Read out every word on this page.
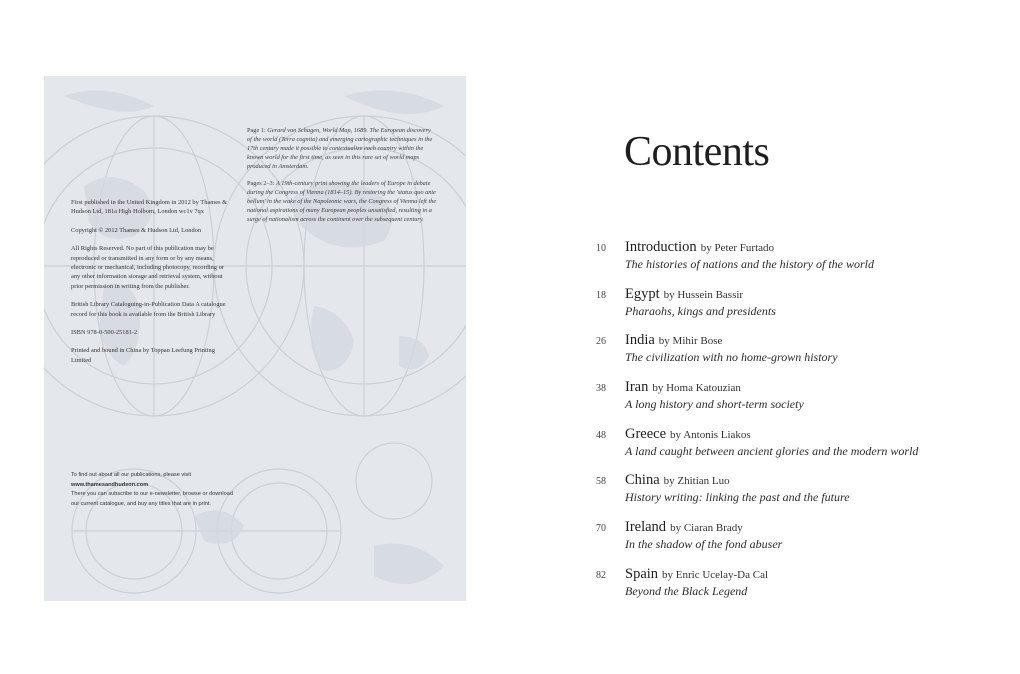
Page 1: Gerard van Schagen, World Map, 1689. The European discovery of the world (Terra cognita) and emerging cartographic techniques in the 17th century made it possible to contextualize each country within the known world for the first time, as seen in this rare set of world maps produced in Amsterdam.

Pages 2–3: A 19th-century print showing the leaders of Europe in debate during the Congress of Vienna (1814–15). By restoring the 'status quo ante bellum' in the wake of the Napoleonic wars, the Congress of Vienna left the national aspirations of many European peoples unsatisfied, resulting in a surge of nationalism across the continent over the subsequent century.

First published in the United Kingdom in 2012 by Thames & Hudson Ltd, 181a High Holborn, London wc1v 7qx

Copyright © 2012 Thames & Hudson Ltd, London

All Rights Reserved. No part of this publication may be reproduced or transmitted in any form or by any means, electronic or mechanical, including photocopy, recording or any other information storage and retrieval system, without prior permission in writing from the publisher.

British Library Cataloguing-in-Publication Data A catalogue record for this book is available from the British Library

ISBN 978-0-500-25181-2

Printed and bound in China by Toppan Leefung Printing Limited

To find out about all our publications, please visit
www.thamesandhudson.com
There you can subscribe to our e-newsletter, browse or download our current catalogue, and buy any titles that are in print.
Contents
10	Introduction by Peter Furtado
The histories of nations and the history of the world
18	Egypt by Hussein Bassir
Pharaohs, kings and presidents
26	India by Mihir Bose
The civilization with no home-grown history
38	Iran by Homa Katouzian
A long history and short-term society
48	Greece by Antonis Liakos
A land caught between ancient glories and the modern world
58	China by Zhitian Luo
History writing: linking the past and the future
70	Ireland by Ciaran Brady
In the shadow of the fond abuser
82	Spain by Enric Ucelay-Da Cal
Beyond the Black Legend
